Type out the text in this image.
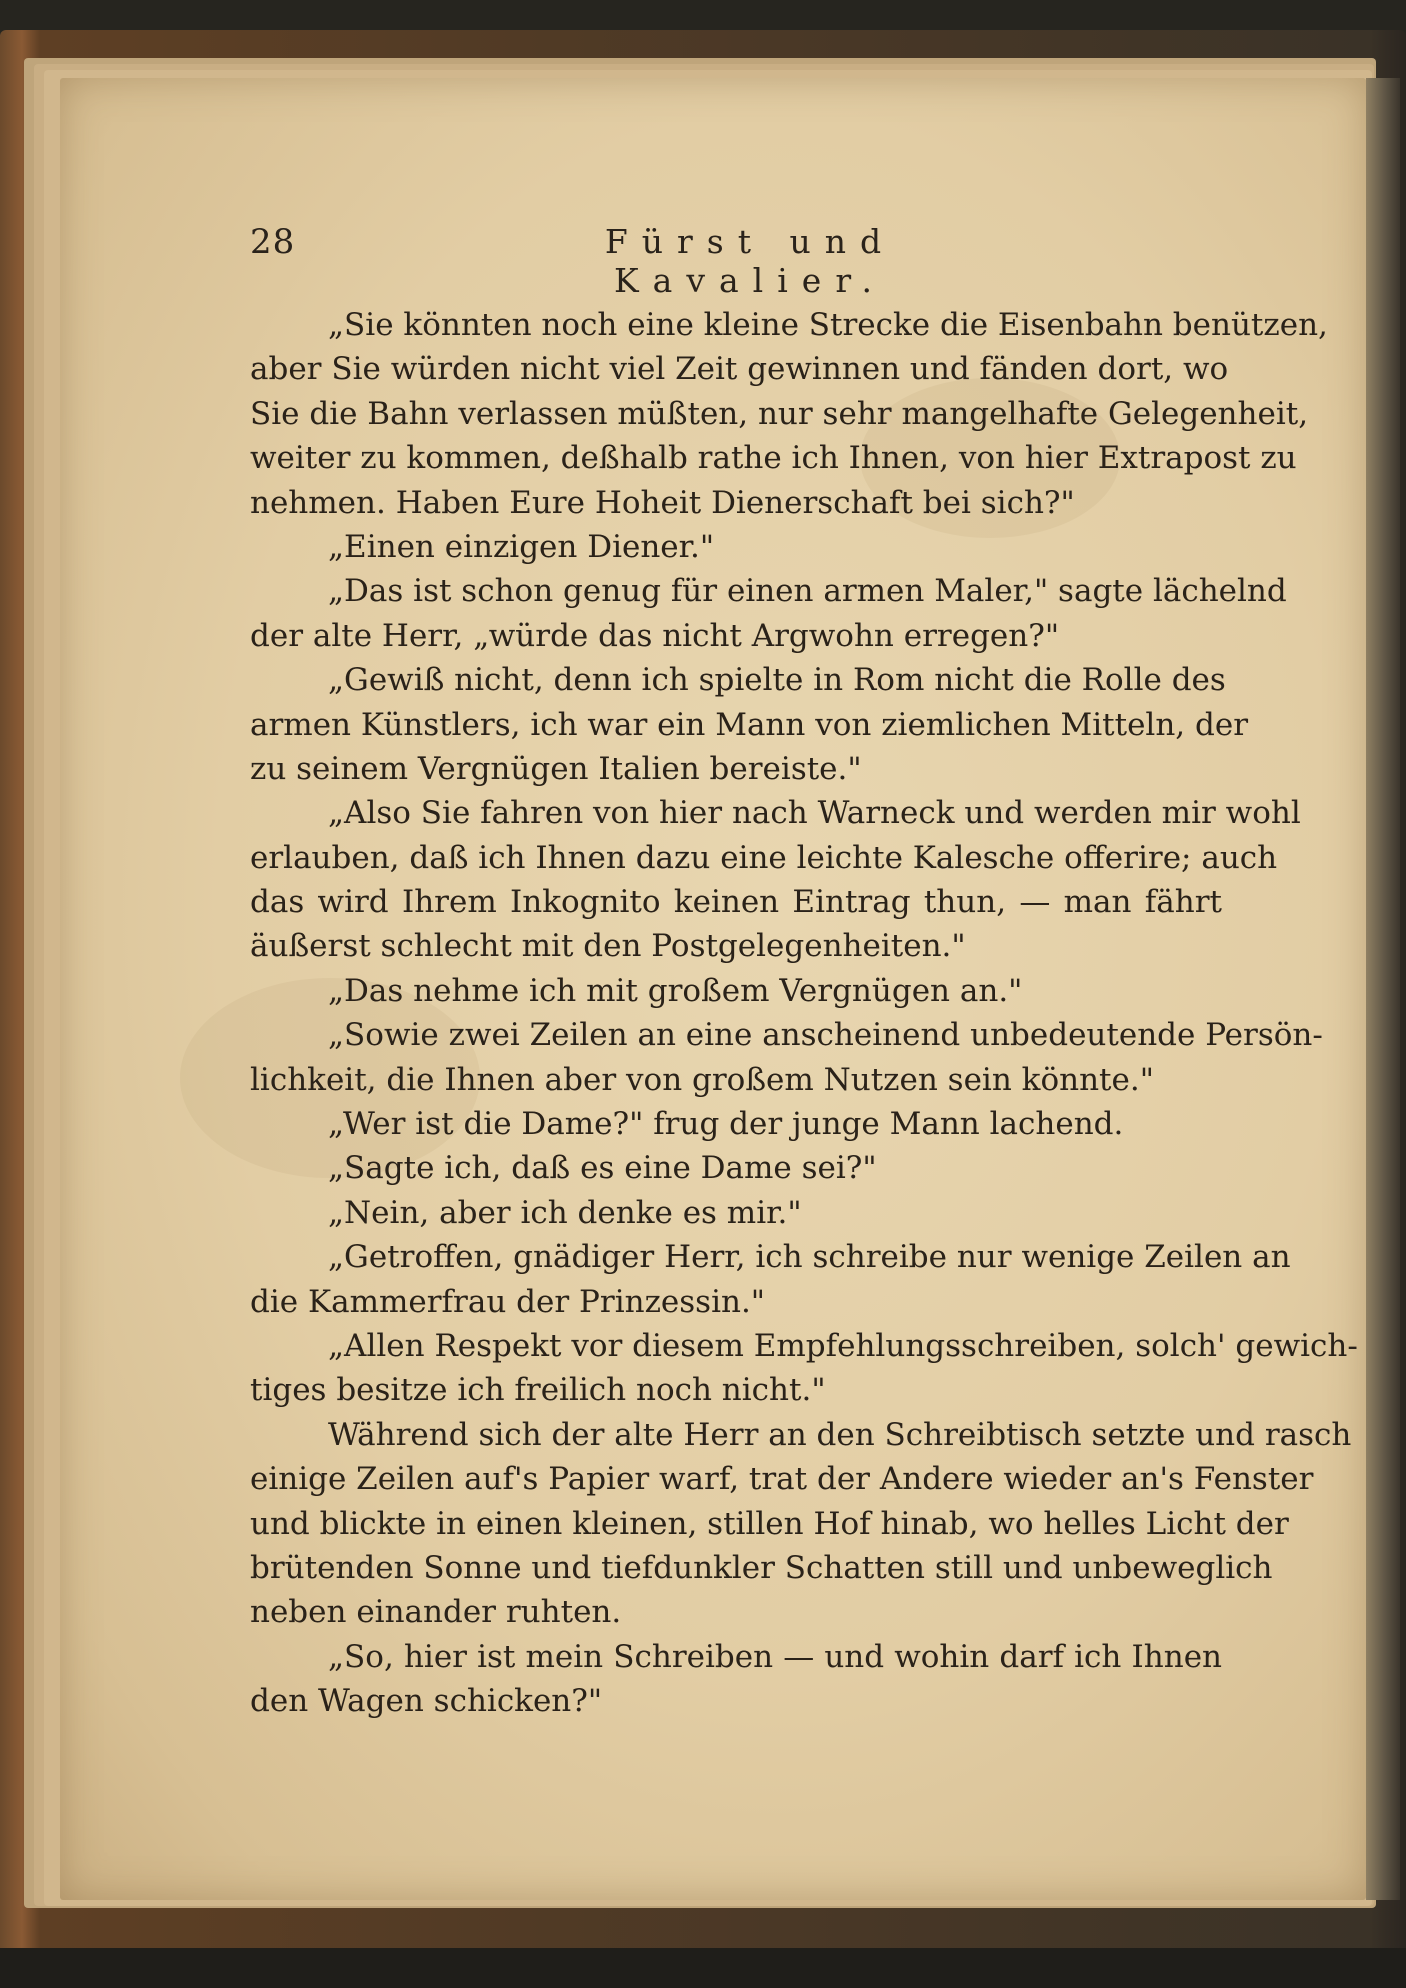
28	Fürst und Kavalier.
„Sie könnten noch eine kleine Strecke die Eisenbahn benützen,
aber Sie würden nicht viel Zeit gewinnen und fänden dort, wo
Sie die Bahn verlassen müßten, nur sehr mangelhafte Gelegenheit,
weiter zu kommen, deßhalb rathe ich Ihnen, von hier Extrapost zu
nehmen. Haben Eure Hoheit Dienerschaft bei sich?"
„Einen einzigen Diener."
„Das ist schon genug für einen armen Maler," sagte lächelnd
der alte Herr, „würde das nicht Argwohn erregen?"
„Gewiß nicht, denn ich spielte in Rom nicht die Rolle des
armen Künstlers, ich war ein Mann von ziemlichen Mitteln, der
zu seinem Vergnügen Italien bereiste."
„Also Sie fahren von hier nach Warneck und werden mir wohl
erlauben, daß ich Ihnen dazu eine leichte Kalesche offerire; auch
das wird Ihrem Inkognito keinen Eintrag thun, — man fährt
äußerst schlecht mit den Postgelegenheiten."
„Das nehme ich mit großem Vergnügen an."
„Sowie zwei Zeilen an eine anscheinend unbedeutende Persön-
lichkeit, die Ihnen aber von großem Nutzen sein könnte."
„Wer ist die Dame?" frug der junge Mann lachend.
„Sagte ich, daß es eine Dame sei?"
„Nein, aber ich denke es mir."
„Getroffen, gnädiger Herr, ich schreibe nur wenige Zeilen an
die Kammerfrau der Prinzessin."
„Allen Respekt vor diesem Empfehlungsschreiben, solch' gewich-
tiges besitze ich freilich noch nicht."
Während sich der alte Herr an den Schreibtisch setzte und rasch
einige Zeilen auf's Papier warf, trat der Andere wieder an's Fenster
und blickte in einen kleinen, stillen Hof hinab, wo helles Licht der
brütenden Sonne und tiefdunkler Schatten still und unbeweglich
neben einander ruhten.
„So, hier ist mein Schreiben — und wohin darf ich Ihnen
den Wagen schicken?"
